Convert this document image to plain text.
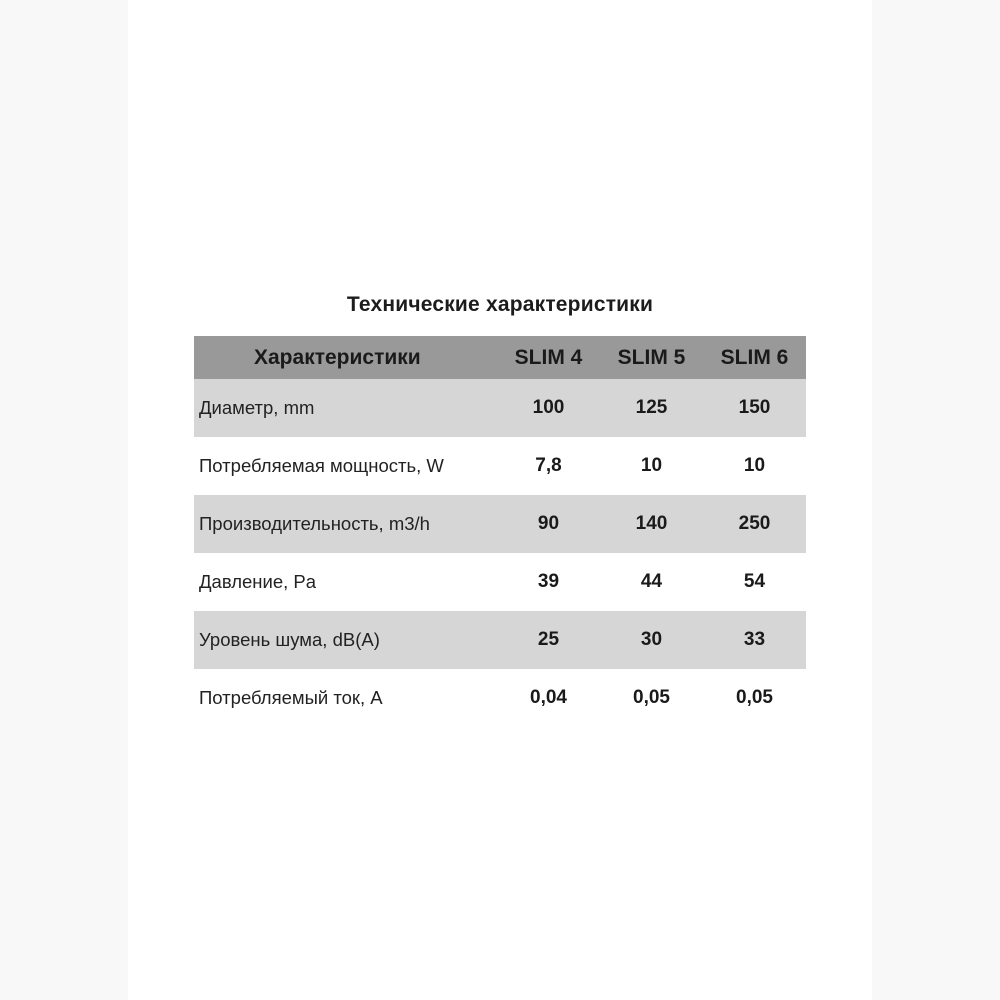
Технические характеристики
Характеристики	SLIM 4	SLIM 5	SLIM 6
Диаметр, mm	100	125	150
Потребляемая мощность, W	7,8	10	10
Производительность, m3/h	90	140	250
Давление, Pa	39	44	54
Уровень шума, dB(A)	25	30	33
Потребляемый ток, A	0,04	0,05	0,05
